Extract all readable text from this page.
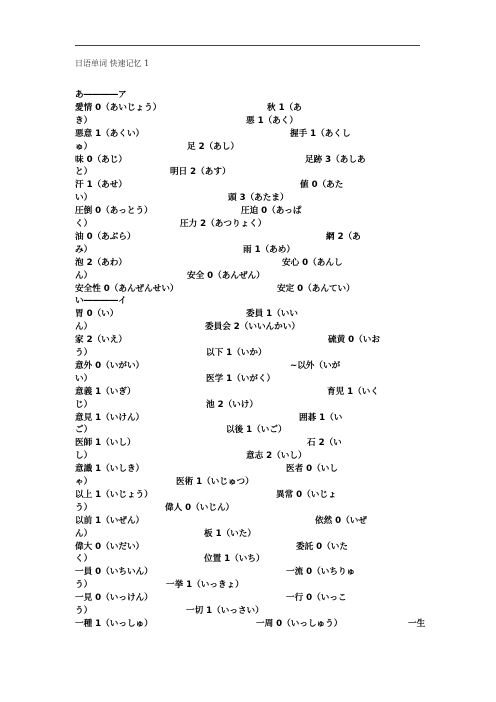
日语单词 快速记忆 1
あ――――ア
愛情 0（あいじょう）	秋 1（あ
き）	悪 1（あく）
悪意 1（あくい）	握手 1（あくし
ゅ）	足 2（あし）
味 0（あじ）	足跡 3（あしあ
と）	明日 2（あす）
汗 1（あせ）	値 0（あた
い）	頭 3（あたま）
圧倒 0（あっとう）	圧迫 0（あっぱ
く）	圧力 2（あつりょく）
油 0（あぶら）	網 2（あ
み）	雨 1（あめ）
泡 2（あわ）	安心 0（あんし
ん）	安全 0（あんぜん）
安全性 0（あんぜんせい）	安定 0（あんてい）
い――――イ
胃 0（い）	委員 1（いい
ん）	委員会 2（いいんかい）
家 2（いえ）	硫黄 0（いお
う）	以下 1（いか）
意外 0（いがい）	~以外（いが
い）	医学 1（いがく）
意義 1（いぎ）	育児 1（いく
じ）	池 2（いけ）
意見 1（いけん）	囲碁 1（い
ご）	以後 1（いご）
医師 1（いし）	石 2（い
し）	意志 2（いし）
意識 1（いしき）	医者 0（いし
ゃ）	医術 1（いじゅつ）
以上 1（いじょう）	異常 0（いじょ
う）	偉人 0（いじん）
以前 1（いぜん）	依然 0（いぜ
ん）	板 1（いた）
偉大 0（いだい）	委託 0（いた
く）	位置 1（いち）
一員 0（いちいん）	一流 0（いちりゅ
う）	一挙 1（いっきょ）
一見 0（いっけん）	一行 0（いっこ
う）	一切 1（いっさい）
一種 1（いっしゅ）	一周 0（いっしゅう）	一生
